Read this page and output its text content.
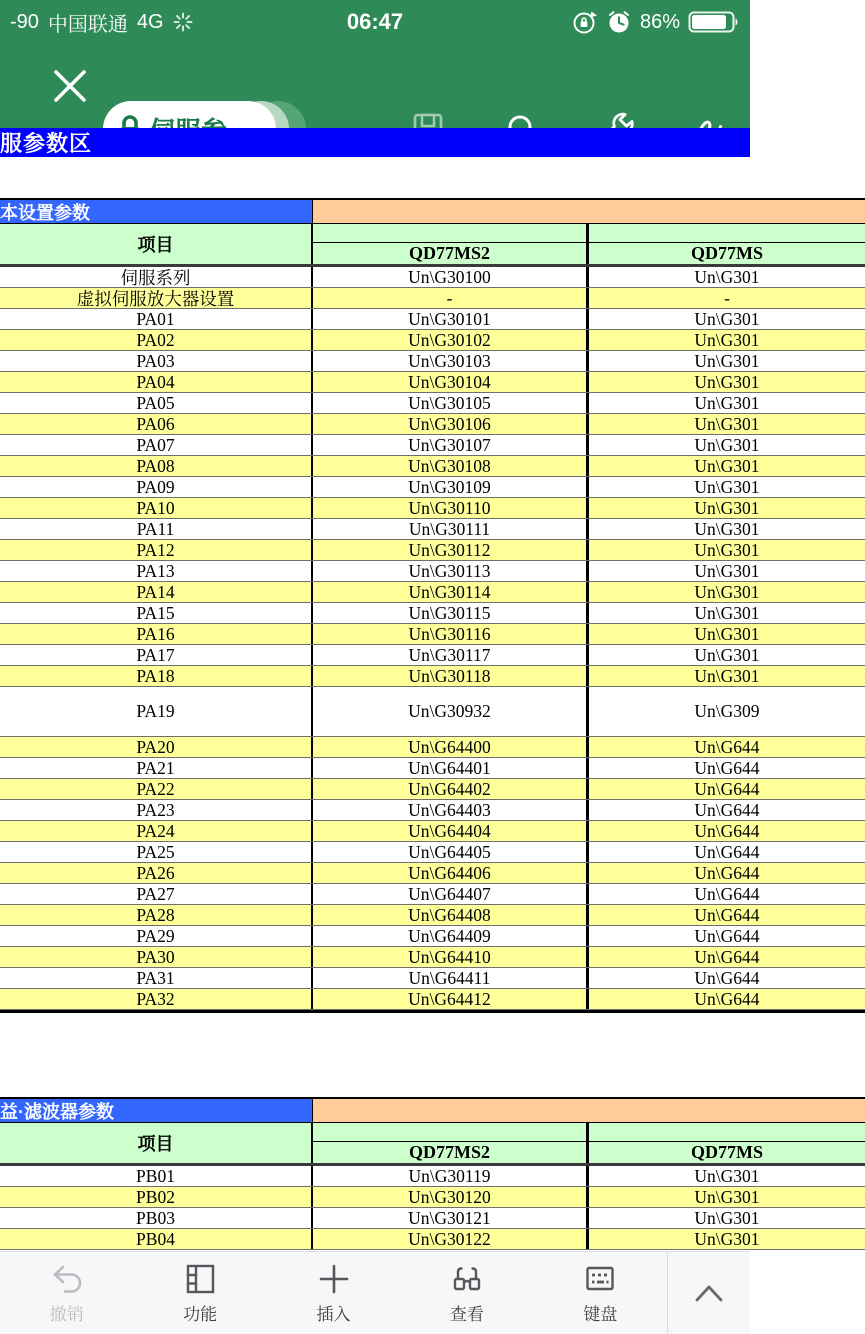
-90 中国联通 4G	06:47	86%
服参数区
本设置参数
项目	QD77MS2	QD77MS
伺服系列	Un\G30100	Un\G301
虚拟伺服放大器设置	-	-
PA01	Un\G30101	Un\G301
PA02	Un\G30102	Un\G301
PA03	Un\G30103	Un\G301
PA04	Un\G30104	Un\G301
PA05	Un\G30105	Un\G301
PA06	Un\G30106	Un\G301
PA07	Un\G30107	Un\G301
PA08	Un\G30108	Un\G301
PA09	Un\G30109	Un\G301
PA10	Un\G30110	Un\G301
PA11	Un\G30111	Un\G301
PA12	Un\G30112	Un\G301
PA13	Un\G30113	Un\G301
PA14	Un\G30114	Un\G301
PA15	Un\G30115	Un\G301
PA16	Un\G30116	Un\G301
PA17	Un\G30117	Un\G301
PA18	Un\G30118	Un\G301
PA19	Un\G30932	Un\G309
PA20	Un\G64400	Un\G644
PA21	Un\G64401	Un\G644
PA22	Un\G64402	Un\G644
PA23	Un\G64403	Un\G644
PA24	Un\G64404	Un\G644
PA25	Un\G64405	Un\G644
PA26	Un\G64406	Un\G644
PA27	Un\G64407	Un\G644
PA28	Un\G64408	Un\G644
PA29	Un\G64409	Un\G644
PA30	Un\G64410	Un\G644
PA31	Un\G64411	Un\G644
PA32	Un\G64412	Un\G644
益·滤波器参数
项目	QD77MS2	QD77MS
PB01	Un\G30119	Un\G301
PB02	Un\G30120	Un\G301
PB03	Un\G30121	Un\G301
PB04	Un\G30122	Un\G301
撤销	功能	插入	查看	键盘
